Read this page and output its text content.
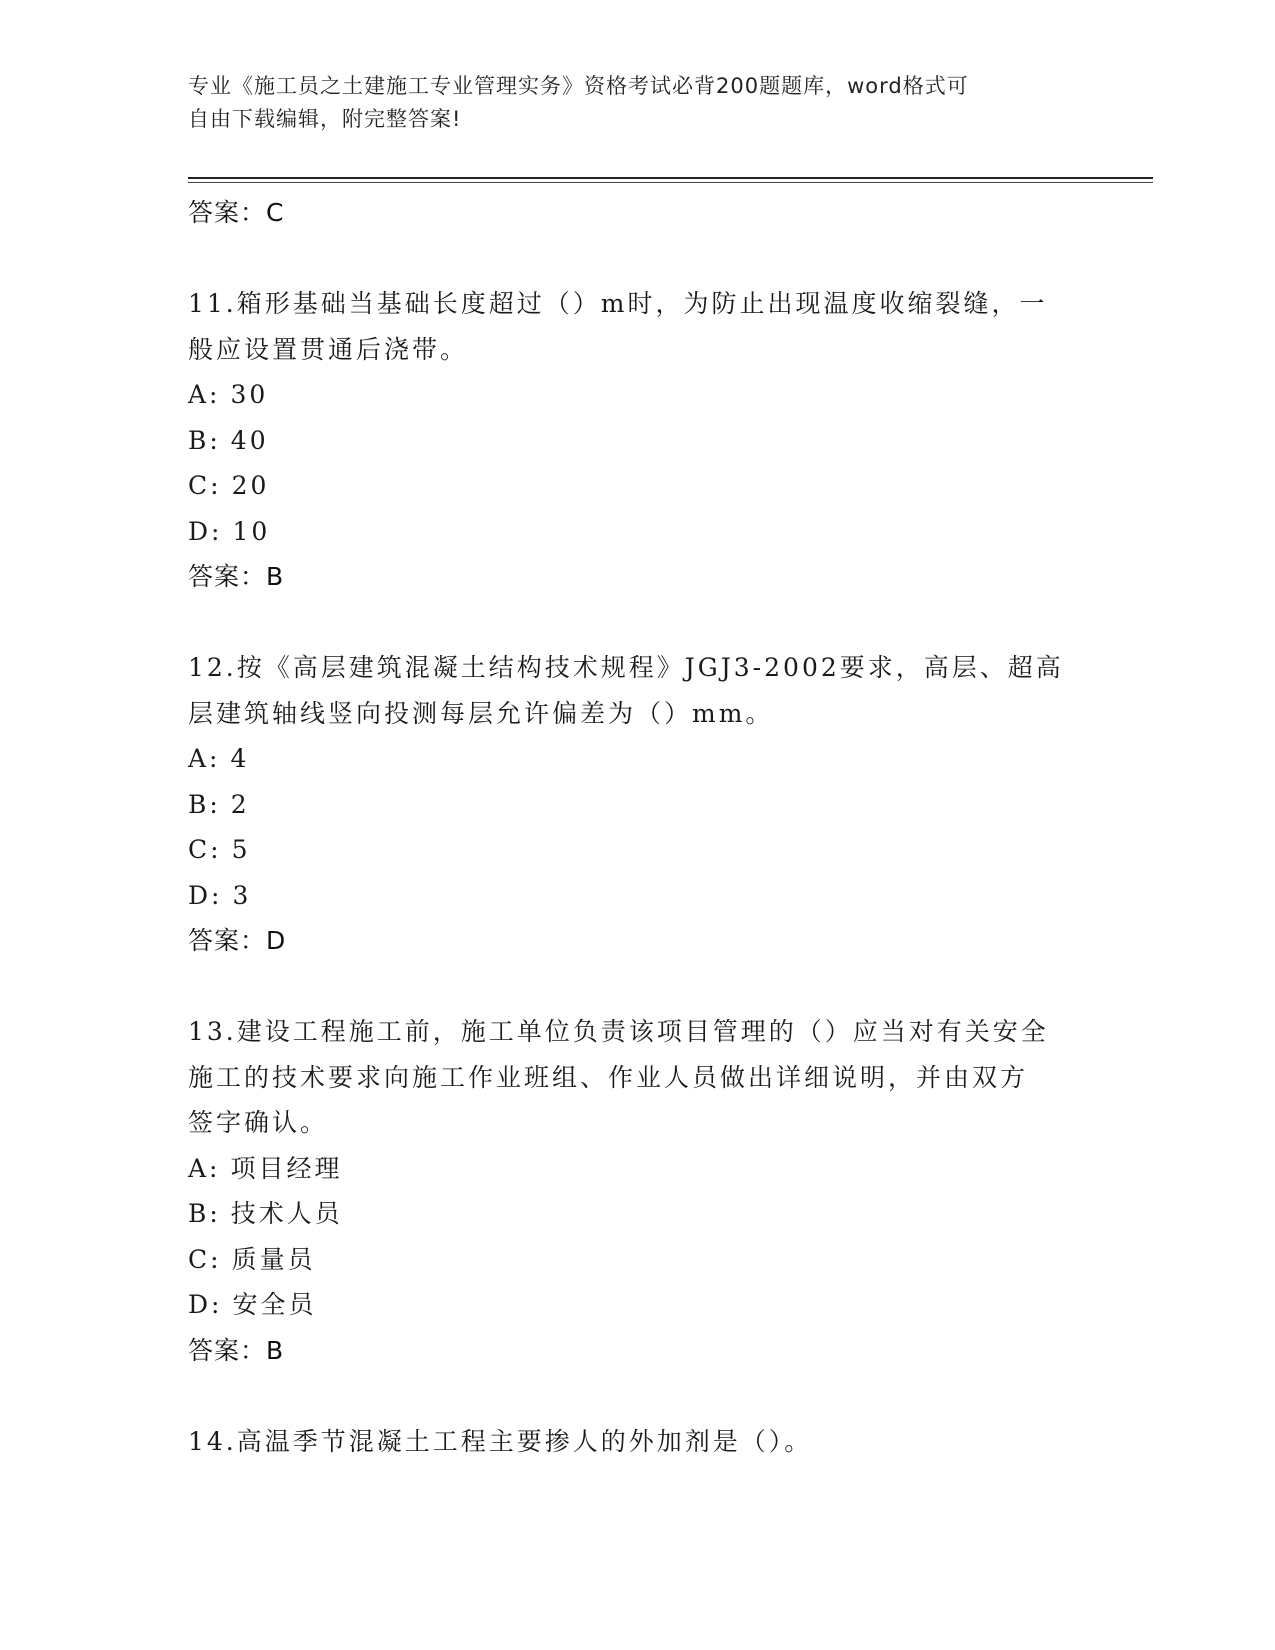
专业《施工员之土建施工专业管理实务》资格考试必背200题题库，word格式可
自由下载编辑，附完整答案!
答案：C
11.箱形基础当基础长度超过（）m时，为防止出现温度收缩裂缝，一
般应设置贯通后浇带。
A: 30
B: 40
C: 20
D: 10
答案：B
12.按《高层建筑混凝土结构技术规程》JGJ3-2002要求，高层、超高
层建筑轴线竖向投测每层允许偏差为（）mm。
A: 4
B: 2
C: 5
D: 3
答案：D
13.建设工程施工前，施工单位负责该项目管理的（）应当对有关安全
施工的技术要求向施工作业班组、作业人员做出详细说明，并由双方
签字确认。
A: 项目经理
B: 技术人员
C: 质量员
D: 安全员
答案：B
14.高温季节混凝土工程主要掺人的外加剂是（）。
